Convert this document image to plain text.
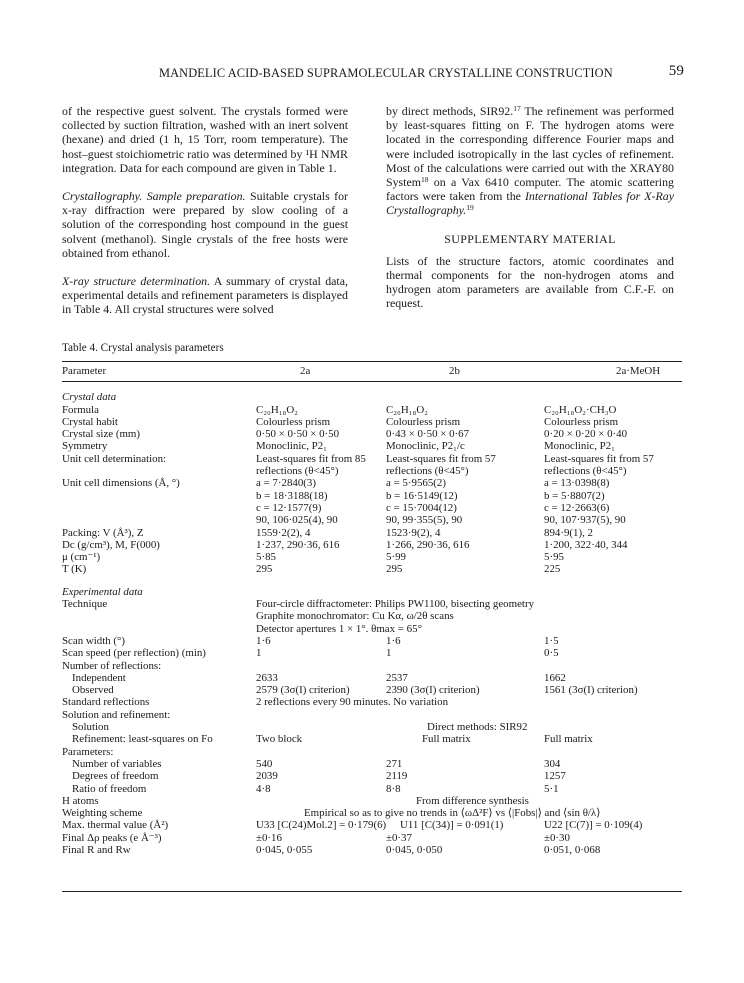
MANDELIC ACID-BASED SUPRAMOLECULAR CRYSTALLINE CONSTRUCTION	59

of the respective guest solvent. The crystals formed were collected by suction filtration, washed with an inert solvent (hexane) and dried (1 h, 15 Torr, room temperature). The host–guest stoichiometric ratio was determined by ¹H NMR integration. Data for each compound are given in Table 1.

Crystallography. Sample preparation. Suitable crystals for x-ray diffraction were prepared by slow cooling of a solution of the corresponding host compound in the guest solvent (methanol). Single crystals of the free hosts were obtained from ethanol.

X-ray structure determination. A summary of crystal data, experimental details and refinement parameters is displayed in Table 4. All crystal structures were solved

by direct methods, SIR92.17 The refinement was performed by least-squares fitting on F. The hydrogen atoms were located in the corresponding difference Fourier maps and were included isotropically in the last cycles of refinement. Most of the calculations were carried out with the XRAY80 System$^{18}$ on a Vax 6410 computer. The atomic scattering factors were taken from the International Tables for X-Ray Crystallography.$^{19}$

SUPPLEMENTARY MATERIAL

Lists of the structure factors, atomic coordinates and thermal components for the non-hydrogen atoms and hydrogen atom parameters are available from C.F.-F. on request.

Table 4. Crystal analysis parameters
Parameter	2a	2b	2a·MeOH

Crystal data			
Formula	C₂₀H₁₈O₂	C₂₀H₁₈O₂	C₂₀H₁₈O₂·CH₃O
Crystal habit	Colourless prism	Colourless prism	Colourless prism
Crystal size (mm)	0·50 × 0·50 × 0·50	0·43 × 0·50 × 0·67	0·20 × 0·20 × 0·40
Symmetry	Monoclinic, P2₁	Monoclinic, P2₁/c	Monoclinic, P2₁
Unit cell determination:	Least-squares fit from 85	Least-squares fit from 57	Least-squares fit from 57
	reflections (θ<45°)	reflections (θ<45°)	reflections (θ<45°)
Unit cell dimensions (Å, °)	a = 7·2840(3)	a = 5·9565(2)	a = 13·0398(8)
	b = 18·3188(18)	b = 16·5149(12)	b = 5·8807(2)
	c = 12·1577(9)	c = 15·7004(12)	c = 12·2663(6)
	90, 106·025(4), 90	90, 99·355(5), 90	90, 107·937(5), 90
Packing: V (Å³), Z	1559·2(2), 4	1523·9(2), 4	894·9(1), 2
Dc (g/cm³), M, F(000)	1·237, 290·36, 616	1·266, 290·36, 616	1·200, 322·40, 344
μ (cm⁻¹)	5·85	5·99	5·95
T (K)	295	295	225

Experimental data			
Technique	Four-circle diffractometer: Philips PW1100, bisecting geometry		
	Graphite monochromator: Cu Kα, ω/2θ scans		
	Detector apertures 1 × 1°. θmax = 65°		
Scan width (°)	1·6	1·6	1·5
Scan speed (per reflection) (min)	1	1	0·5
Number of reflections:			
Independent	2633	2537	1662
Observed	2579 (3σ(I) criterion)	2390 (3σ(I) criterion)	1561 (3σ(I) criterion)
Standard reflections	2 reflections every 90 minutes. No variation		
Solution and refinement:			
Solution	Direct methods: SIR92		
Refinement: least-squares on Fo	Two block	Full matrix	Full matrix
Parameters:			
Number of variables	540	271	304
Degrees of freedom	2039	2119	1257
Ratio of freedom	4·8	8·8	5·1
H atoms	From difference synthesis		
Weighting scheme	Empirical so as to give no trends in ⟨ωΔ²F⟩ vs ⟨|Fobs|⟩ and ⟨sin θ/λ⟩		
Max. thermal value (Å²)	U33 [C(24)Mol.2] = 0·179(6)	U11 [C(34)] = 0·091(1)	U22 [C(7)] = 0·109(4)
Final Δρ peaks (e Å⁻³)	±0·16	±0·37	±0·30
Final R and Rw	0·045, 0·055	0·045, 0·050	0·051, 0·068
